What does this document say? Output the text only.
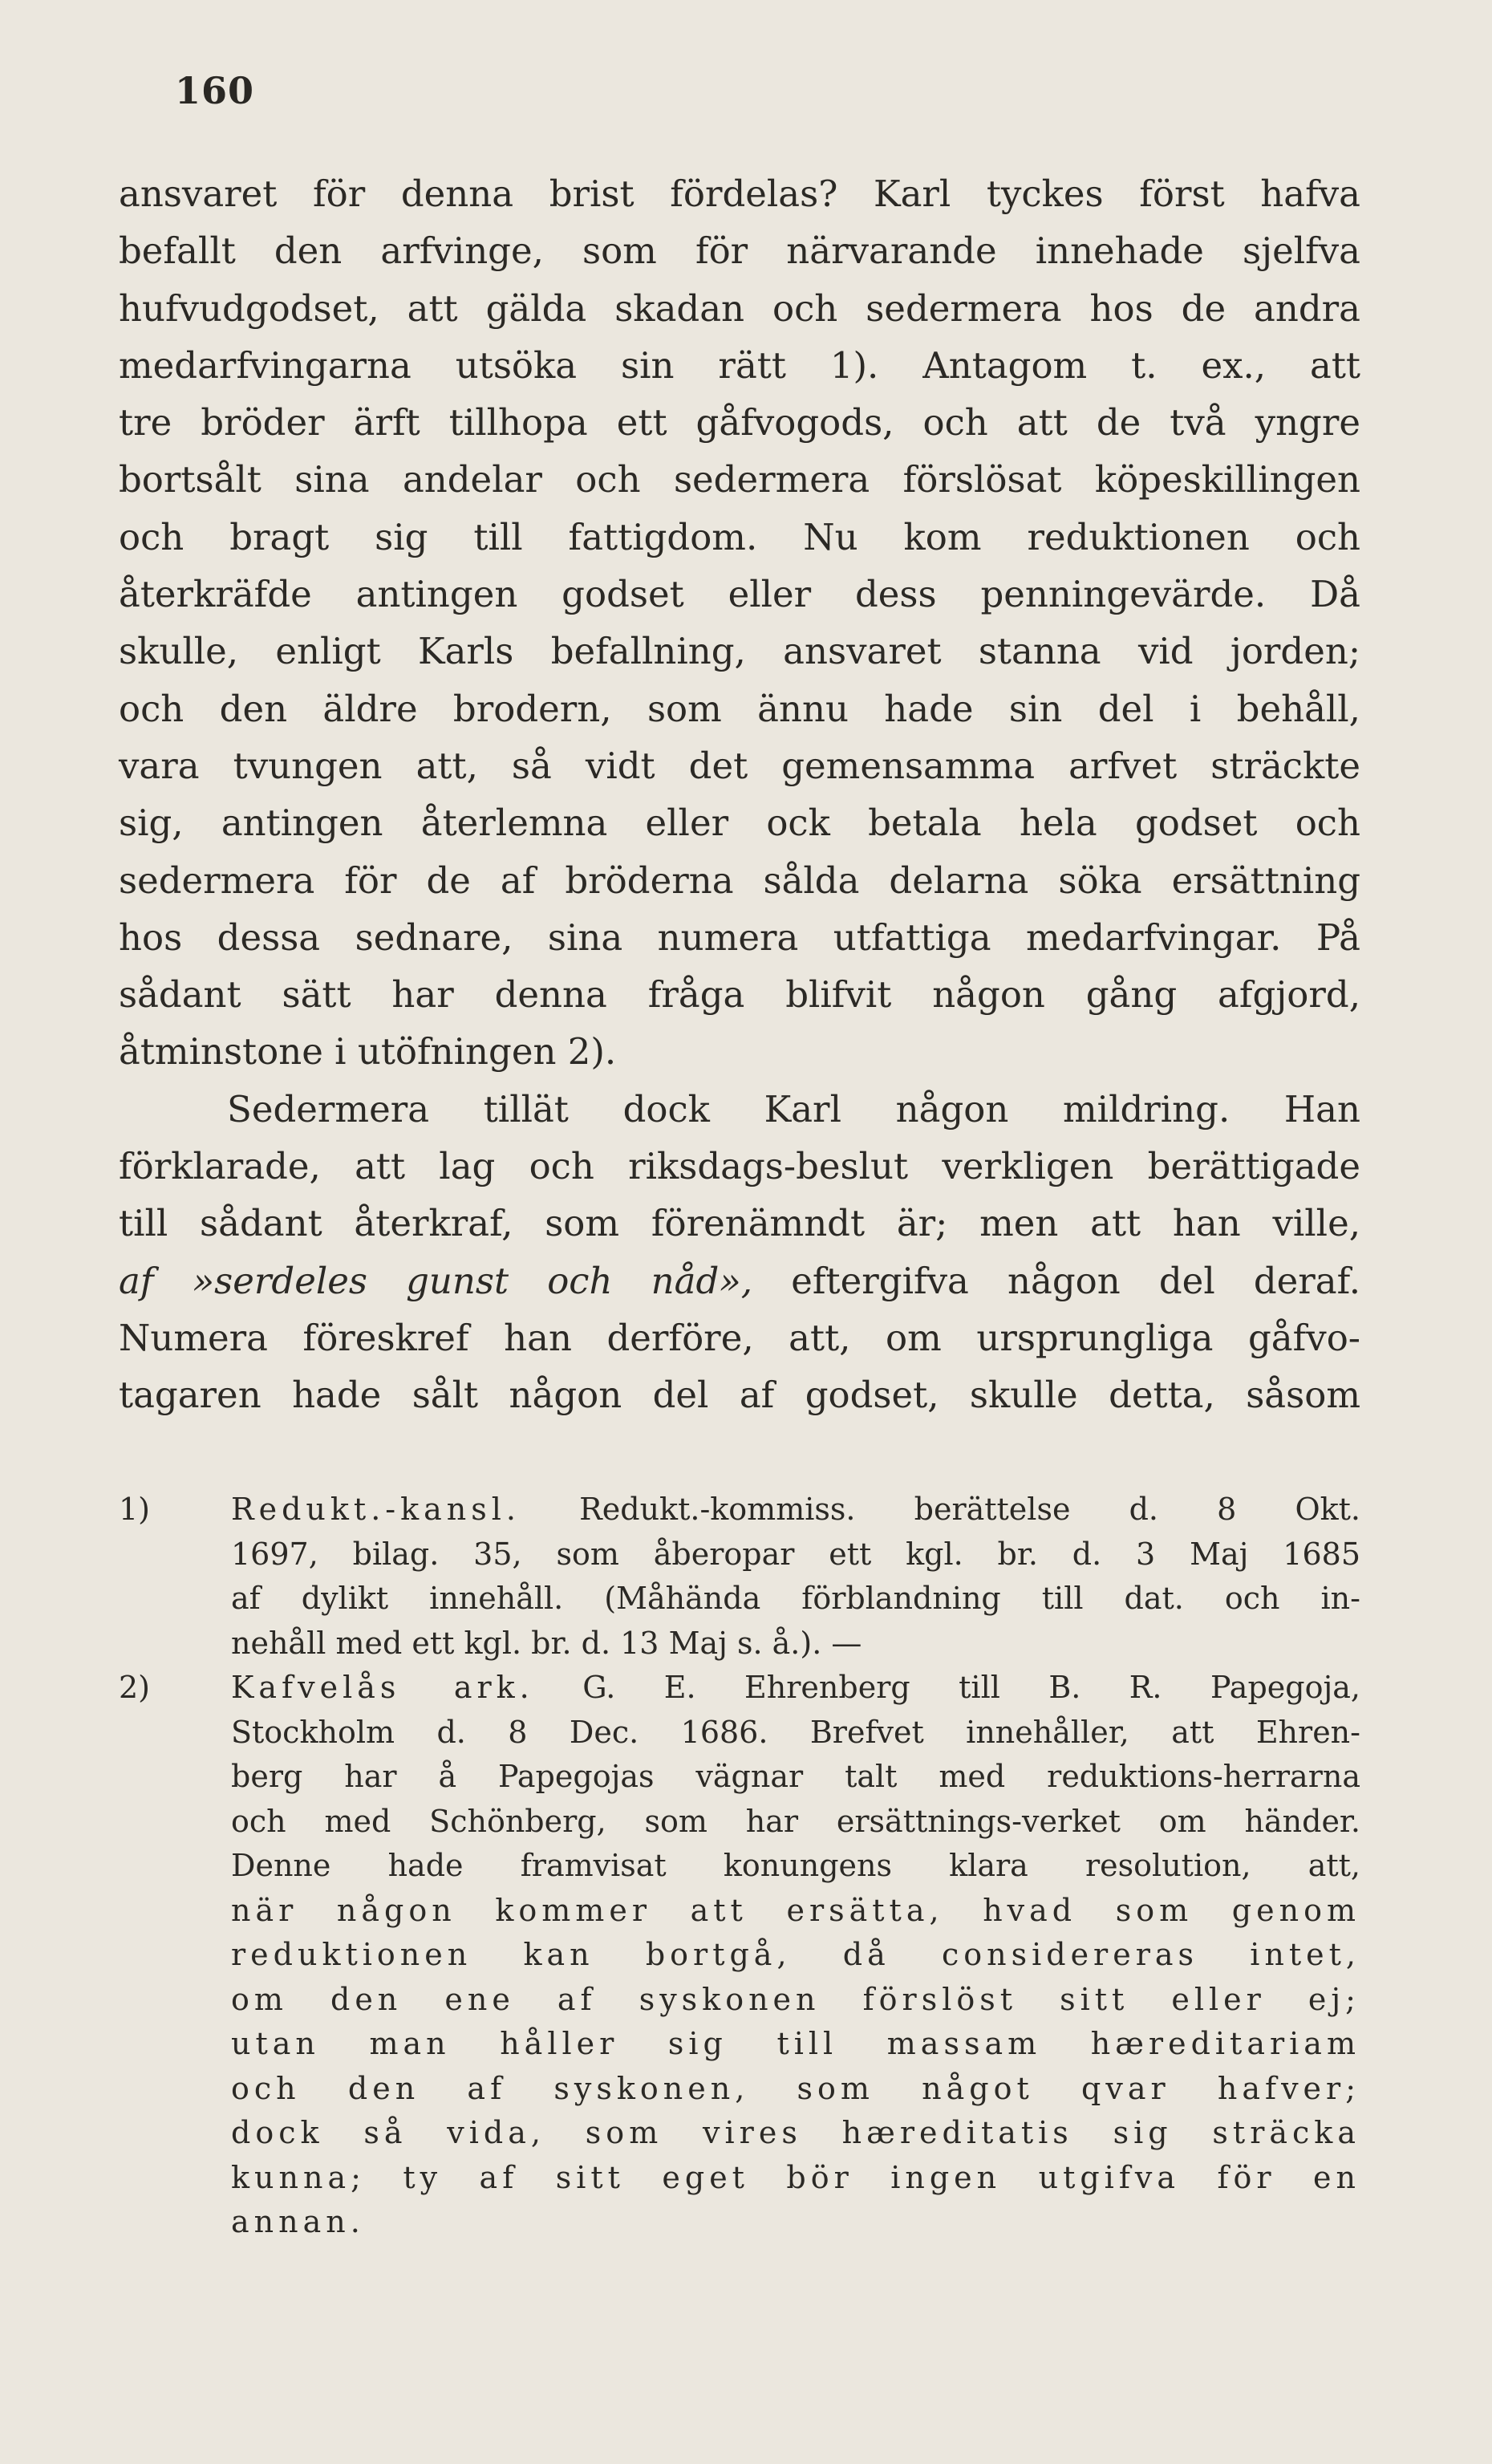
160
ansvaret för denna brist fördelas? Karl tyckes först hafva
befallt den arfvinge, som för närvarande innehade sjelfva
hufvudgodset, att gälda skadan och sedermera hos de andra
medarfvingarna utsöka sin rätt 1). Antagom t. ex., att
tre bröder ärft tillhopa ett gåfvogods, och att de två yngre
bortsålt sina andelar och sedermera förslösat köpeskillingen
och bragt sig till fattigdom. Nu kom reduktionen och
återkräfde antingen godset eller dess penningevärde. Då
skulle, enligt Karls befallning, ansvaret stanna vid jorden;
och den äldre brodern, som ännu hade sin del i behåll,
vara tvungen att, så vidt det gemensamma arfvet sträckte
sig, antingen återlemna eller ock betala hela godset och
sedermera för de af bröderna sålda delarna söka ersättning
hos dessa sednare, sina numera utfattiga medarfvingar. På
sådant sätt har denna fråga blifvit någon gång afgjord,
åtminstone i utöfningen 2).
Sedermera tillät dock Karl någon mildring. Han
förklarade, att lag och riksdags-beslut verkligen berättigade
till sådant återkraf, som förenämndt är; men att han ville,
af »serdeles gunst och nåd», eftergifva någon del deraf.
Numera föreskref han derföre, att, om ursprungliga gåfvo-
tagaren hade sålt någon del af godset, skulle detta, såsom
1)	Redukt.-kansl. Redukt.-kommiss. berättelse d. 8 Okt.
1697, bilag. 35, som åberopar ett kgl. br. d. 3 Maj 1685
af dylikt innehåll. (Måhända förblandning till dat. och in-
nehåll med ett kgl. br. d. 13 Maj s. å.). —
2)	Kafvelås ark. G. E. Ehrenberg till B. R. Papegoja,
Stockholm d. 8 Dec. 1686. Brefvet innehåller, att Ehren-
berg har å Papegojas vägnar talt med reduktions-herrarna
och med Schönberg, som har ersättnings-verket om händer.
Denne hade framvisat konungens klara resolution, att,
när någon kommer att ersätta, hvad som genom
reduktionen kan bortgå, då considereras intet,
om den ene af syskonen förslöst sitt eller ej;
utan man håller sig till massam hæreditariam
och den af syskonen, som något qvar hafver;
dock så vida, som vires hæreditatis sig sträcka
kunna; ty af sitt eget bör ingen utgifva för en
annan.
